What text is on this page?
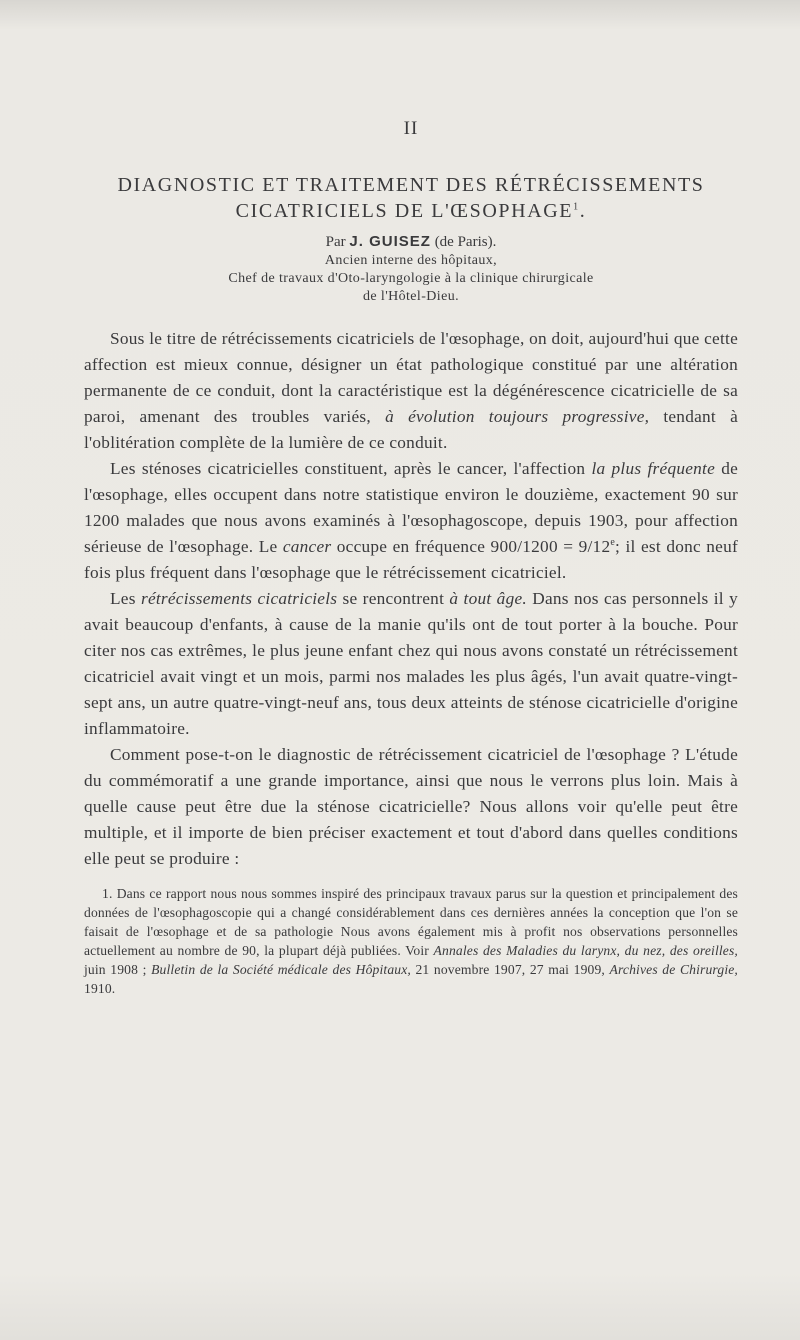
II
DIAGNOSTIC ET TRAITEMENT DES RÉTRÉCISSEMENTS
CICATRICIELS DE L'ŒSOPHAGE$^1$.
Par J. GUISEZ (de Paris).
Ancien interne des hôpitaux,
Chef de travaux d'Oto-laryngologie à la clinique chirurgicale
de l'Hôtel-Dieu.

Sous le titre de rétrécissements cicatriciels de l'œsophage, on doit, aujourd'hui que cette affection est mieux connue, désigner un état pathologique constitué par une altération permanente de ce conduit, dont la caractéristique est la dégénérescence cicatricielle de sa paroi, amenant des troubles variés, à évolution toujours progressive, tendant à l'oblitération complète de la lumière de ce conduit.

Les sténoses cicatricielles constituent, après le cancer, l'affection la plus fréquente de l'œsophage, elles occupent dans notre statistique environ le douzième, exactement 90 sur 1200 malades que nous avons examinés à l'œsophagoscope, depuis 1903, pour affection sérieuse de l'œsophage. Le cancer occupe en fréquence $900/1200 = 9/12^e$; il est donc neuf fois plus fréquent dans l'œsophage que le rétrécissement cicatriciel.

Les rétrécissements cicatriciels se rencontrent à tout âge. Dans nos cas personnels il y avait beaucoup d'enfants, à cause de la manie qu'ils ont de tout porter à la bouche. Pour citer nos cas extrêmes, le plus jeune enfant chez qui nous avons constaté un rétrécissement cicatriciel avait vingt et un mois, parmi nos malades les plus âgés, l'un avait quatre-vingt-sept ans, un autre quatre-vingt-neuf ans, tous deux atteints de sténose cicatricielle d'origine inflammatoire.

Comment pose-t-on le diagnostic de rétrécissement cicatriciel de l'œsophage ? L'étude du commémoratif a une grande importance, ainsi que nous le verrons plus loin. Mais à quelle cause peut être due la sténose cicatricielle? Nous allons voir qu'elle peut être multiple, et il importe de bien préciser exactement et tout d'abord dans quelles conditions elle peut se produire :

1. Dans ce rapport nous nous sommes inspiré des principaux travaux parus sur la question et principalement des données de l'œsophagoscopie qui a changé considérablement dans ces dernières années la conception que l'on se faisait de l'œsophage et de sa pathologie Nous avons également mis à profit nos observations personnelles actuellement au nombre de 90, la plupart déjà publiées. Voir Annales des Maladies du larynx, du nez, des oreilles, juin 1908 ; Bulletin de la Société médicale des Hôpitaux, 21 novembre 1907, 27 mai 1909, Archives de Chirurgie, 1910.
